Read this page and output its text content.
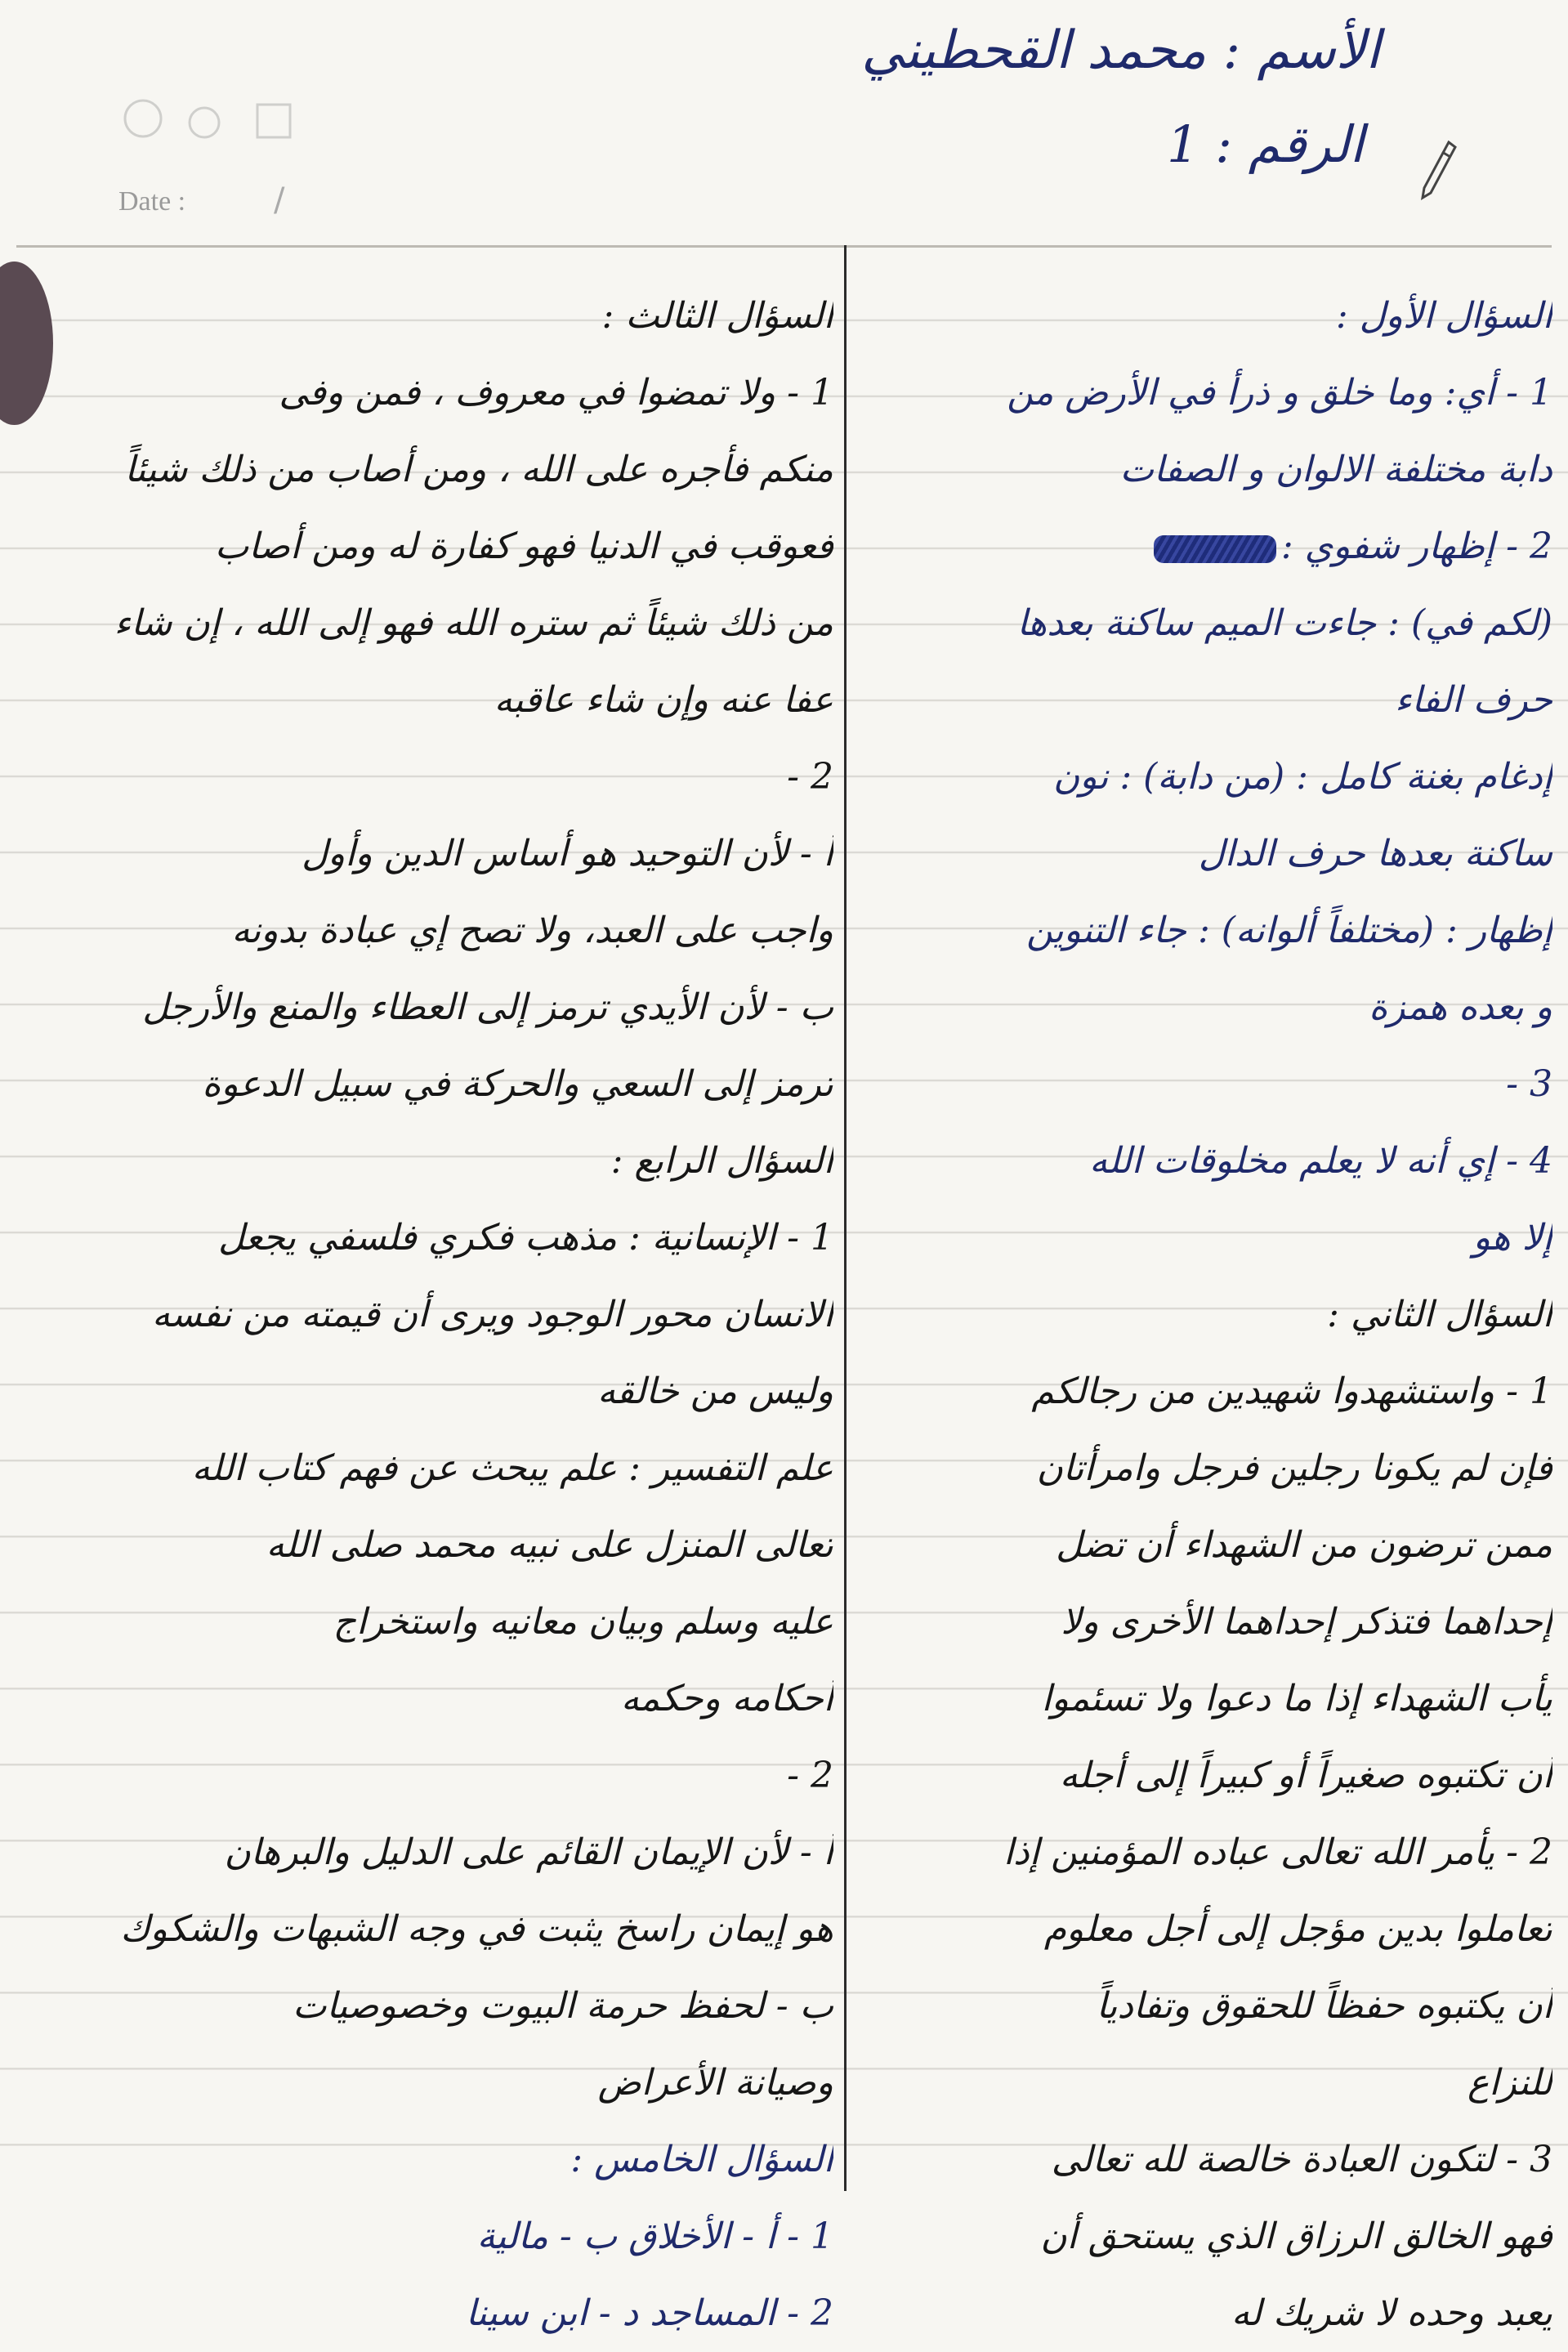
الأسم : محمد القحطيني
الرقم : 1
Date :	/
السؤال الأول :
1 - أي: وما خلق و ذرأ في الأرض من
دابة مختلفة الالوان و الصفات
2 - إظهار شفوي :
(لكم في) : جاءت الميم ساكنة بعدها
حرف الفاء
إدغام بغنة كامل : (من دابة) : نون
ساكنة بعدها حرف الدال
إظهار : (مختلفاً ألوانه) : جاء التنوين
و بعده همزة
3 -
4 - إي أنه لا يعلم مخلوقات الله
إلا هو
السؤال الثاني :
1 - واستشهدوا شهيدين من رجالكم
فإن لم يكونا رجلين فرجل وامرأتان
ممن ترضون من الشهداء أن تضل
إحداهما فتذكر إحداهما الأخرى ولا
يأب الشهداء إذا ما دعوا ولا تسئموا
أن تكتبوه صغيراً أو كبيراً إلى أجله
2 - يأمر الله تعالى عباده المؤمنين إذا
تعاملوا بدين مؤجل إلى أجل معلوم
أن يكتبوه حفظاً للحقوق وتفادياً
للنزاع
3 - لتكون العبادة خالصة لله تعالى
فهو الخالق الرزاق الذي يستحق أن
يعبد وحده لا شريك له
السؤال الثالث :
1 - ولا تمضوا في معروف ، فمن وفى
منكم فأجره على الله ، ومن أصاب من ذلك شيئاً
فعوقب في الدنيا فهو كفارة له ومن أصاب
من ذلك شيئاً ثم ستره الله فهو إلى الله ، إن شاء
عفا عنه وإن شاء عاقبه
2 -
أ - لأن التوحيد هو أساس الدين وأول
واجب على العبد، ولا تصح إي عبادة بدونه
ب - لأن الأيدي ترمز إلى العطاء والمنع والأرجل
ترمز إلى السعي والحركة في سبيل الدعوة
السؤال الرابع :
1 - الإنسانية : مذهب فكري فلسفي يجعل
الانسان محور الوجود ويرى أن قيمته من نفسه
وليس من خالقه
علم التفسير : علم يبحث عن فهم كتاب الله
تعالى المنزل على نبيه محمد صلى الله
عليه وسلم وبيان معانيه واستخراج
أحكامه وحكمه
2 -
أ - لأن الإيمان القائم على الدليل والبرهان
هو إيمان راسخ يثبت في وجه الشبهات والشكوك
ب - لحفظ حرمة البيوت وخصوصيات
وصيانة الأعراض
السؤال الخامس :
1 - أ - الأخلاق ب - مالية
2 - المساجد د - ابن سينا
